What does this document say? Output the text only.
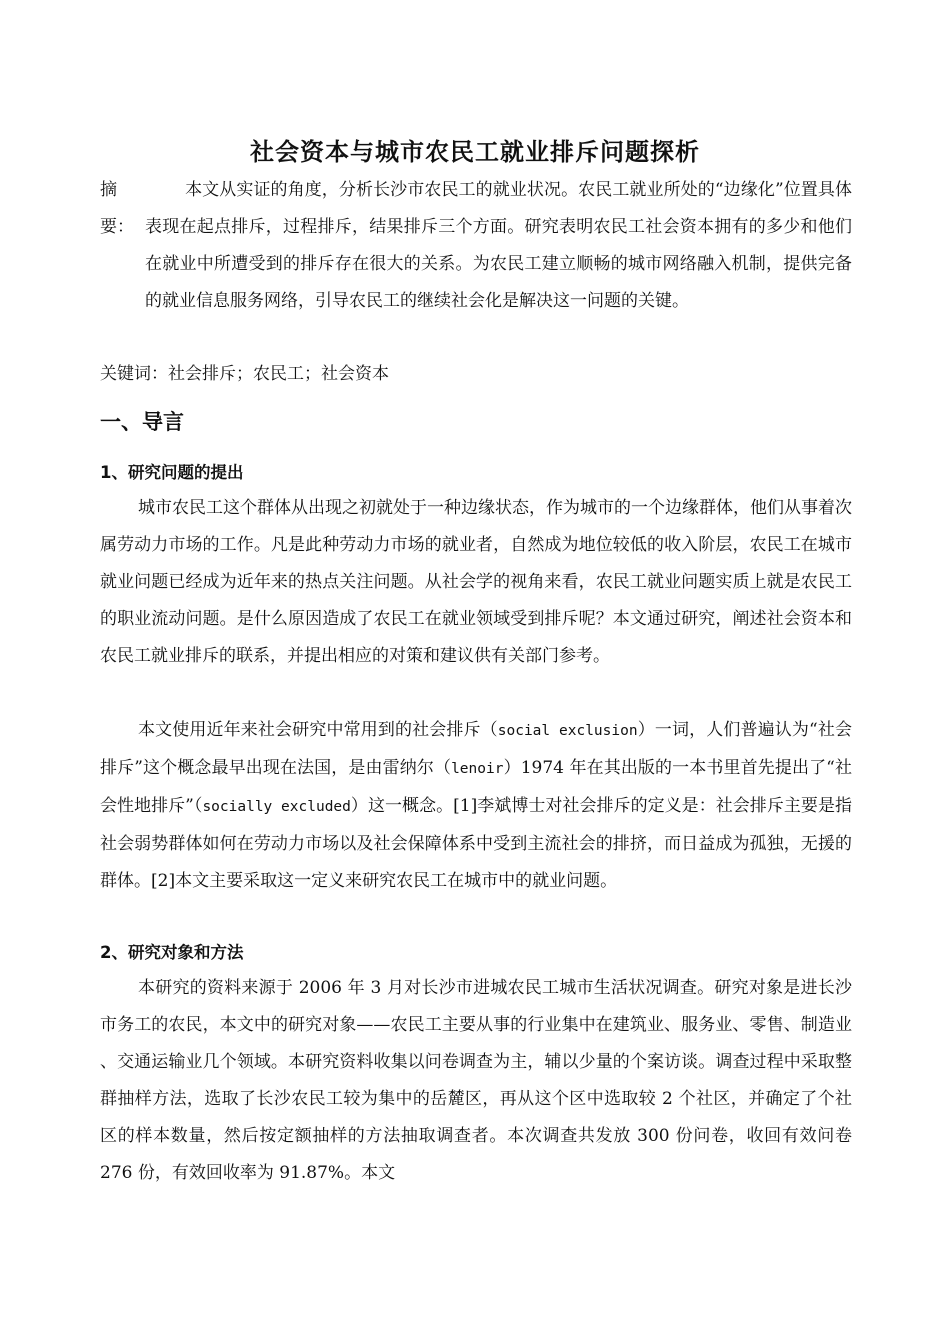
社会资本与城市农民工就业排斥问题探析
摘　要：
本文从实证的角度，分析长沙市农民工的就业状况。农民工就业所处的“边缘化”位置具体表现在起点排斥，过程排斥，结果排斥三个方面。研究表明农民工社会资本拥有的多少和他们在就业中所遭受到的排斥存在很大的关系。为农民工建立顺畅的城市网络融入机制，提供完备的就业信息服务网络，引导农民工的继续社会化是解决这一问题的关键。
关键词：社会排斥；农民工；社会资本
一、导言
1、研究问题的提出
城市农民工这个群体从出现之初就处于一种边缘状态，作为城市的一个边缘群体，他们从事着次属劳动力市场的工作。凡是此种劳动力市场的就业者，自然成为地位较低的收入阶层，农民工在城市就业问题已经成为近年来的热点关注问题。从社会学的视角来看，农民工就业问题实质上就是农民工的职业流动问题。是什么原因造成了农民工在就业领域受到排斥呢？本文通过研究，阐述社会资本和农民工就业排斥的联系，并提出相应的对策和建议供有关部门参考。
本文使用近年来社会研究中常用到的社会排斥（social exclusion）一词，人们普遍认为“社会排斥”这个概念最早出现在法国，是由雷纳尔（lenoir）1974 年在其出版的一本书里首先提出了“社会性地排斥”（socially excluded）这一概念。[1]李斌博士对社会排斥的定义是：社会排斥主要是指社会弱势群体如何在劳动力市场以及社会保障体系中受到主流社会的排挤，而日益成为孤独，无援的群体。[2]本文主要采取这一定义来研究农民工在城市中的就业问题。
2、研究对象和方法
本研究的资料来源于 2006 年 3 月对长沙市进城农民工城市生活状况调查。研究对象是进长沙市务工的农民，本文中的研究对象——农民工主要从事的行业集中在建筑业、服务业、零售、制造业 、交通运输业几个领域。本研究资料收集以问卷调查为主，辅以少量的个案访谈。调查过程中采取整群抽样方法，选取了长沙农民工较为集中的岳麓区，再从这个区中选取较 2 个社区，并确定了个社区的样本数量，然后按定额抽样的方法抽取调查者。本次调查共发放 300 份问卷，收回有效问卷 276 份，有效回收率为 91.87%。本文
